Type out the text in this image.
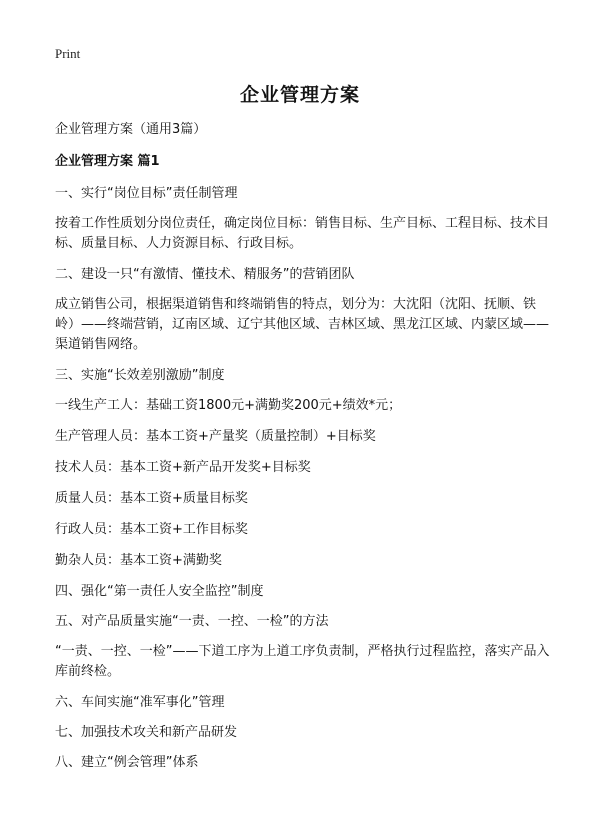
Print
企业管理方案

企业管理方案（通用3篇）

企业管理方案 篇1

一、实行“岗位目标”责任制管理

按着工作性质划分岗位责任，确定岗位目标：销售目标、生产目标、工程目标、技术目标、质量目标、人力资源目标、行政目标。

二、建设一只“有激情、懂技术、精服务”的营销团队

成立销售公司，根据渠道销售和终端销售的特点，划分为：大沈阳（沈阳、抚顺、铁岭）——终端营销，辽南区域、辽宁其他区域、吉林区域、黑龙江区域、内蒙区域——渠道销售网络。

三、实施“长效差别激励”制度

一线生产工人：基础工资1800元+满勤奖200元+绩效*元；

生产管理人员：基本工资+产量奖（质量控制）+目标奖

技术人员：基本工资+新产品开发奖+目标奖

质量人员：基本工资+质量目标奖

行政人员：基本工资+工作目标奖

勤杂人员：基本工资+满勤奖

四、强化“第一责任人安全监控”制度

五、对产品质量实施“一责、一控、一检”的方法

“一责、一控、一检”——下道工序为上道工序负责制，严格执行过程监控，落实产品入库前终检。

六、车间实施“准军事化”管理

七、加强技术攻关和新产品研发

八、建立“例会管理”体系
